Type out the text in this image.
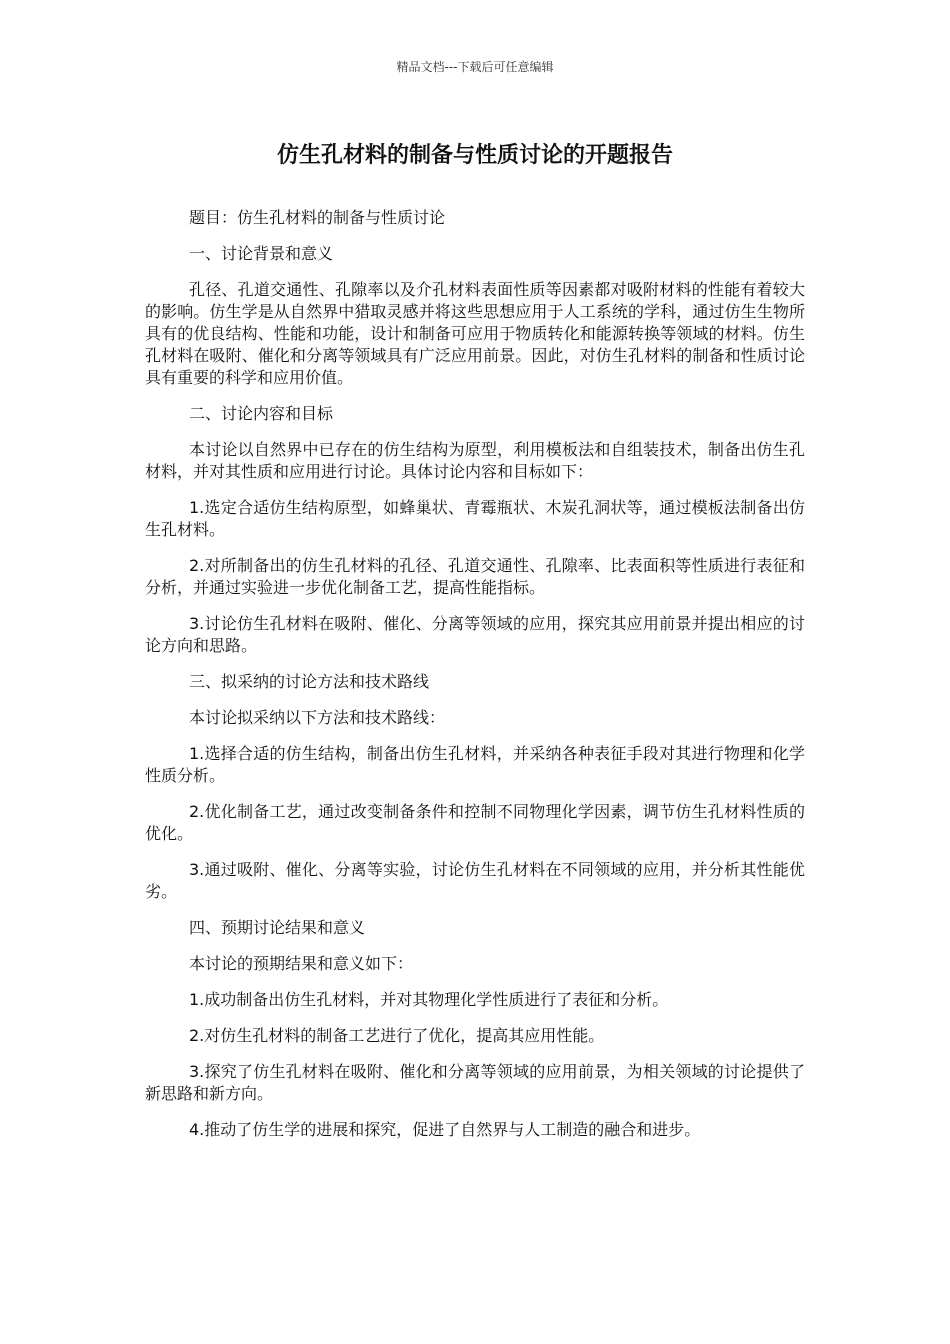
精品文档---下载后可任意编辑
仿生孔材料的制备与性质讨论的开题报告

题目：仿生孔材料的制备与性质讨论

一、讨论背景和意义

孔径、孔道交通性、孔隙率以及介孔材料表面性质等因素都对吸附材料的性能有着较大的影响。仿生学是从自然界中猎取灵感并将这些思想应用于人工系统的学科，通过仿生生物所具有的优良结构、性能和功能，设计和制备可应用于物质转化和能源转换等领域的材料。仿生孔材料在吸附、催化和分离等领域具有广泛应用前景。因此，对仿生孔材料的制备和性质讨论具有重要的科学和应用价值。

二、讨论内容和目标

本讨论以自然界中已存在的仿生结构为原型，利用模板法和自组装技术，制备出仿生孔材料，并对其性质和应用进行讨论。具体讨论内容和目标如下：

1.选定合适仿生结构原型，如蜂巢状、青霉瓶状、木炭孔洞状等，通过模板法制备出仿生孔材料。

2.对所制备出的仿生孔材料的孔径、孔道交通性、孔隙率、比表面积等性质进行表征和分析，并通过实验进一步优化制备工艺，提高性能指标。

3.讨论仿生孔材料在吸附、催化、分离等领域的应用，探究其应用前景并提出相应的讨论方向和思路。

三、拟采纳的讨论方法和技术路线

本讨论拟采纳以下方法和技术路线：

1.选择合适的仿生结构，制备出仿生孔材料，并采纳各种表征手段对其进行物理和化学性质分析。

2.优化制备工艺，通过改变制备条件和控制不同物理化学因素，调节仿生孔材料性质的优化。

3.通过吸附、催化、分离等实验，讨论仿生孔材料在不同领域的应用，并分析其性能优劣。

四、预期讨论结果和意义

本讨论的预期结果和意义如下：

1.成功制备出仿生孔材料，并对其物理化学性质进行了表征和分析。

2.对仿生孔材料的制备工艺进行了优化，提高其应用性能。

3.探究了仿生孔材料在吸附、催化和分离等领域的应用前景，为相关领域的讨论提供了新思路和新方向。

4.推动了仿生学的进展和探究，促进了自然界与人工制造的融合和进步。
